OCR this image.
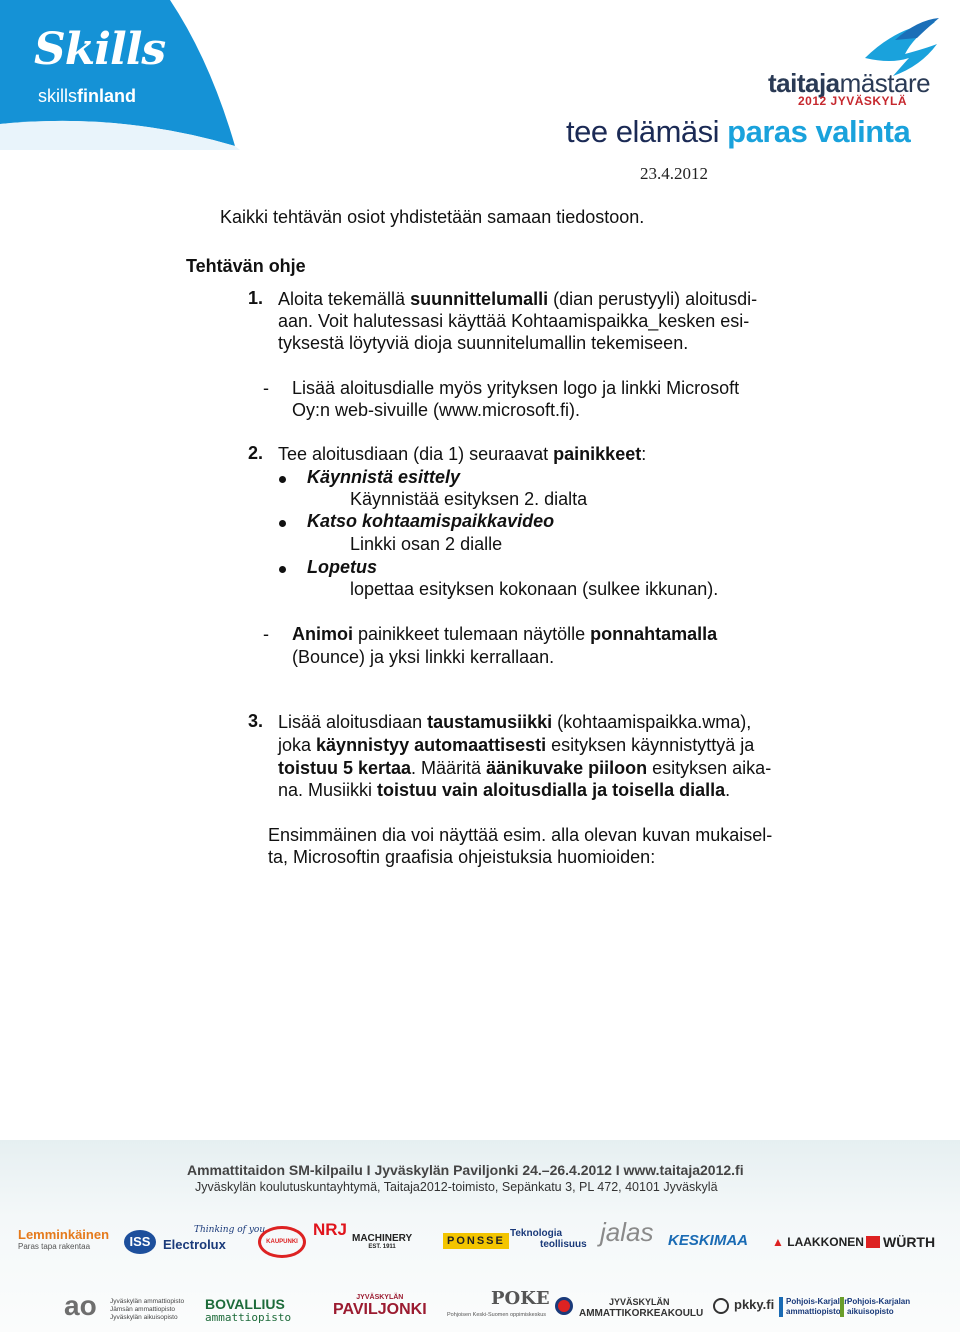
Skills
skillsfinland	taitajamästare
2012 JYVÄSKYLÄ
tee elämäsi paras valinta
23.4.2012
Kaikki tehtävän osiot yhdistetään samaan tiedostoon.
Tehtävän ohje
1. Aloita tekemällä suunnittelumalli (dian perustyyli) aloitusdi-
aan. Voit halutessasi käyttää Kohtaamispaikka_kesken esi-
tyksestä löytyviä dioja suunnitelumallin tekemiseen.
- Lisää aloitusdialle myös yrityksen logo ja linkki Microsoft
Oy:n web-sivuille (www.microsoft.fi).
2. Tee aloitusdiaan (dia 1) seuraavat painikkeet:
Käynnistä esittely
Käynnistää esityksen 2. dialta
Katso kohtaamispaikkavideo
Linkki osan 2 dialle
Lopetus
lopettaa esityksen kokonaan (sulkee ikkunan).
- Animoi painikkeet tulemaan näytölle ponnahtamalla
(Bounce) ja yksi linkki kerrallaan.
3. Lisää aloitusdiaan taustamusiikki (kohtaamispaikka.wma),
joka käynnistyy automaattisesti esityksen käynnistyttyä ja
toistuu 5 kertaa. Määritä äänikuvake piiloon esityksen aika-
na. Musiikki toistuu vain aloitusdialla ja toisella dialla.
Ensimmäinen dia voi näyttää esim. alla olevan kuvan mukaisel-
ta, Microsoftin graafisia ohjeistuksia huomioiden:
Ammattitaidon SM-kilpailu I Jyväskylän Paviljonki 24.–26.4.2012 I www.taitaja2012.fi
Jyväskylän koulutuskuntayhtymä, Taitaja2012-toimisto, Sepänkatu 3, PL 472, 40101 Jyväskylä
Lemminkäinen
Paras tapa rakentaa	ISS Electrolux
Thinking of you
KAUPUNKI
NRJ MACHINERY
EST. 1911	PONSSE
Teknologia
teollisuus jalas KESKIMAA ▲ LAAKKONEN	WÜRTH
ao Jyväskylän ammattiopisto
Jämsän ammattiopisto
Jyväskylän aikuisopisto
BOVALLIUS
ammattiopisto
JYVÄSKYLÄN
PAVILJONKI
POKE
Pohjoisen Keski-Suomen oppimiskeskus
JYVÄSKYLÄN
AMMATTIKORKEAKOULU
pkky.fi Pohjois-Karjalan
ammattiopisto
Pohjois-Karjalan
aikuisopisto
